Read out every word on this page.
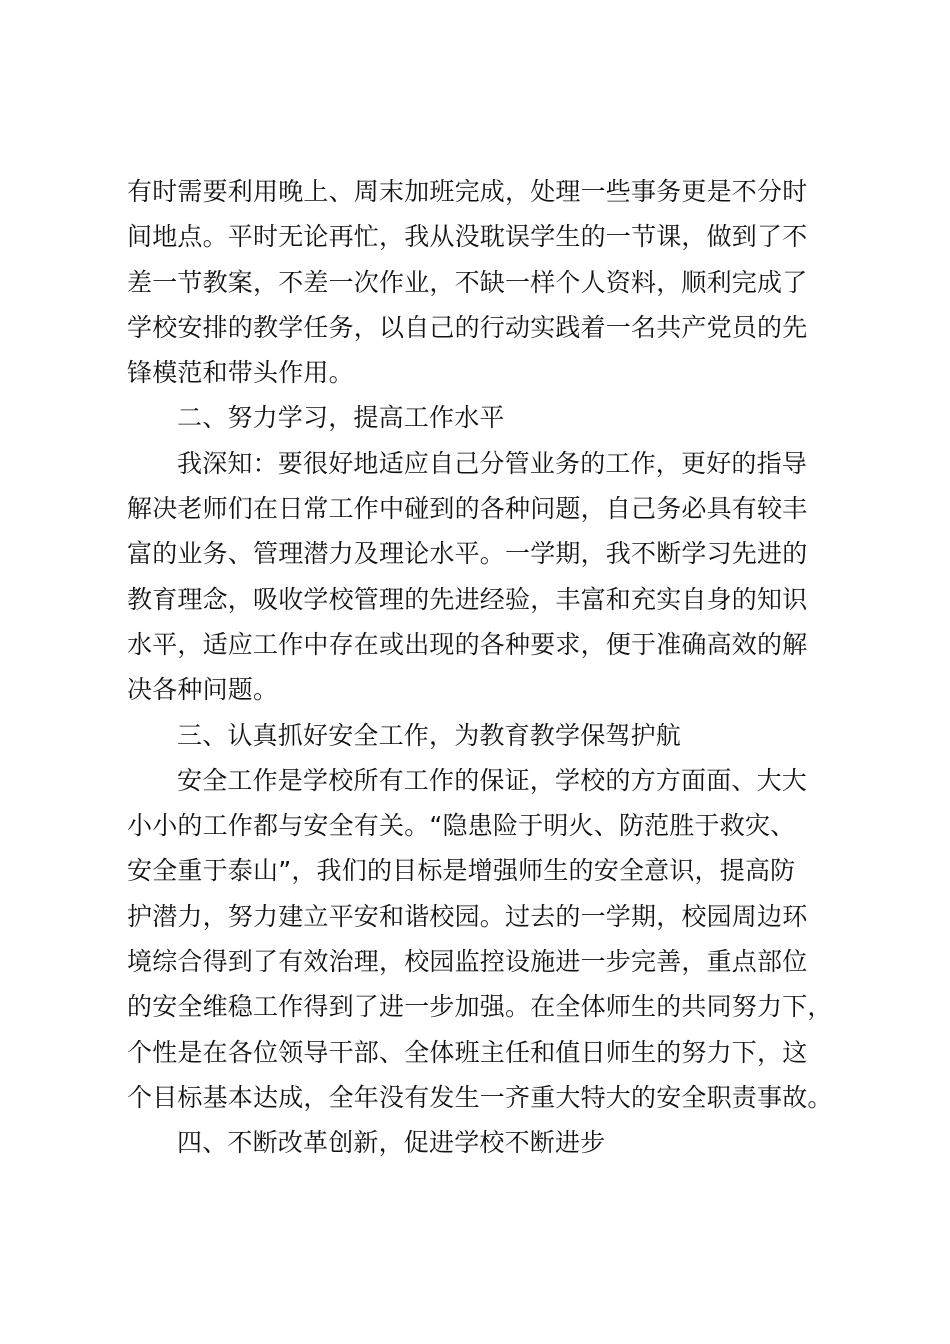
有时需要利用晚上、周末加班完成，处理一些事务更是不分时
间地点。平时无论再忙，我从没耽误学生的一节课，做到了不
差一节教案，不差一次作业，不缺一样个人资料，顺利完成了
学校安排的教学任务，以自己的行动实践着一名共产党员的先
锋模范和带头作用。
二、努力学习，提高工作水平
我深知：要很好地适应自己分管业务的工作，更好的指导
解决老师们在日常工作中碰到的各种问题，自己务必具有较丰
富的业务、管理潜力及理论水平。一学期，我不断学习先进的
教育理念，吸收学校管理的先进经验，丰富和充实自身的知识
水平，适应工作中存在或出现的各种要求，便于准确高效的解
决各种问题。
三、认真抓好安全工作，为教育教学保驾护航
安全工作是学校所有工作的保证，学校的方方面面、大大
小小的工作都与安全有关。“隐患险于明火、防范胜于救灾、
安全重于泰山”，我们的目标是增强师生的安全意识，提高防
护潜力，努力建立平安和谐校园。过去的一学期，校园周边环
境综合得到了有效治理，校园监控设施进一步完善，重点部位
的安全维稳工作得到了进一步加强。在全体师生的共同努力下，
个性是在各位领导干部、全体班主任和值日师生的努力下，这
个目标基本达成，全年没有发生一齐重大特大的安全职责事故。
四、不断改革创新，促进学校不断进步
